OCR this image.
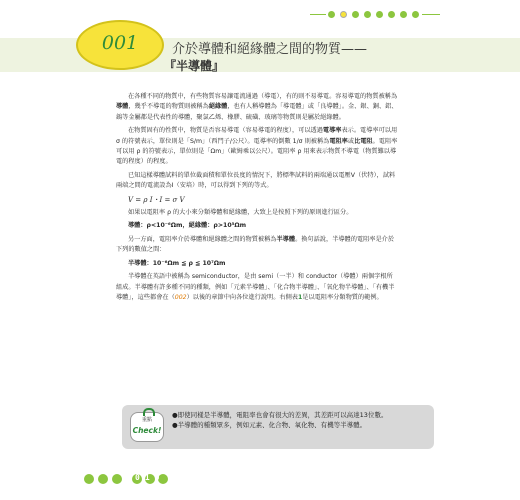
001	介於導體和絕緣體之間的物質——
『半導體』

在各種不同的物質中，有些物質容易讓電流通過（導電），有的則不易導電。容易導電的物質被稱為導體，幾乎不導電的物質則被稱為絕緣體，也有人稱導體為「導電體」或「良導體」。金、銀、銅、鋁、鎢等金屬都是代表性的導體，聚氯乙烯、橡膠、硫磺、玻璃等物質則是屬於絕緣體。

在物質固有的性質中，物質是否容易導電（容易導電的程度），可以透過電導率表示。電導率可以用 σ 的符號表示，單位則是「S/m」（西門子/公尺）。電導率的倒數 1/σ 則被稱為電阻率或比電阻。電阻率可以用 ρ 的符號表示，單位則是「Ωm」（歐姆乘以公尺）。電阻率 ρ 用來表示物質不導電（物質難以導電的程度）的程度。

已知這樣導體試料的單位截面積和單位長度的情況下，將標準試料的兩端通以電壓V（伏特），試料兩端之間的電流設為I（安培）時，可以得到下列的等式。

V = ρ I・I = σ V

如果以電阻率 ρ 的大小來分類導體和絕緣體，大致上是按照下列的原則進行區分。

導體：ρ<10⁻⁶Ωm，絕緣體：ρ>10⁵Ωm

另一方面，電阻率介於導體和絕緣體之間的物質被稱為半導體。換句話說，半導體的電阻率是介於下列的數值之間：

半導體：10⁻⁶Ωm ≦ ρ ≦ 10⁷Ωm

半導體在英語中被稱為 semiconductor，是由 semi（一半）和 conductor（導體）兩個字根所組成。半導體有許多種不同的種類，例如「元素半導體」、「化合物半導體」、「氧化物半導體」、「有機半導體」，這些都會在（002）以後的章節中向各位進行說明。右側表1是以電阻率分類物質的範例。

重點
Check!

●即使同樣是半導體，電阻率也會有很大的差異，其差距可以高達13位數。

●半導體的種類眾多，例如元素、化合物、氧化物、有機等半導體。

010
